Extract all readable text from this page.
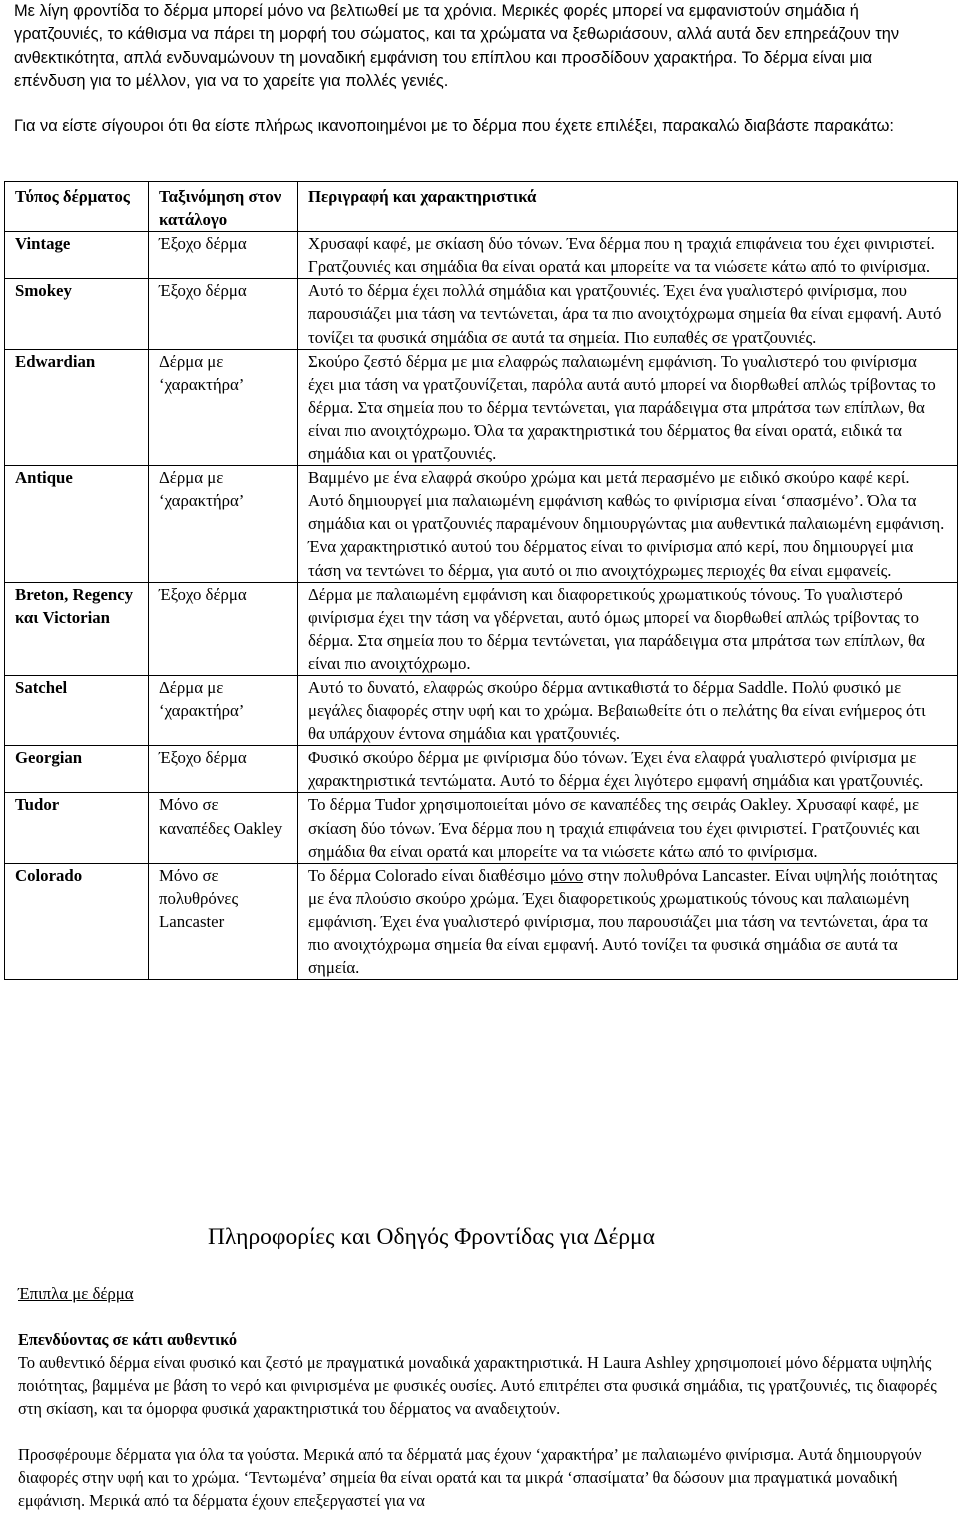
Με λίγη φροντίδα το δέρμα μπορεί μόνο να βελτιωθεί με τα χρόνια. Μερικές φορές μπορεί να εμφανιστούν σημάδια ή γρατζουνιές, το κάθισμα να πάρει τη μορφή του σώματος, και τα χρώματα να ξεθωριάσουν, αλλά αυτά δεν επηρεάζουν την ανθεκτικότητα, απλά ενδυναμώνουν τη μοναδική εμφάνιση του επίπλου και προσδίδουν χαρακτήρα. Το δέρμα είναι μια επένδυση για το μέλλον, για να το χαρείτε για πολλές γενιές.

Για να είστε σίγουροι ότι θα είστε πλήρως ικανοποιημένοι με το δέρμα που έχετε επιλέξει, παρακαλώ διαβάστε παρακάτω:

Τύπος δέρματος	Ταξινόμηση στον κατάλογο	Περιγραφή και χαρακτηριστικά
Vintage	Έξοχο δέρμα	Χρυσαφί καφέ, με σκίαση δύο τόνων. Ένα δέρμα που η τραχιά επιφάνεια του έχει φινιριστεί. Γρατζουνιές και σημάδια θα είναι ορατά και μπορείτε να τα νιώσετε κάτω από το φινίρισμα.
Smokey	Έξοχο δέρμα	Αυτό το δέρμα έχει πολλά σημάδια και γρατζουνιές. Έχει ένα γυαλιστερό φινίρισμα, που παρουσιάζει μια τάση να τεντώνεται, άρα τα πιο ανοιχτόχρωμα σημεία θα είναι εμφανή. Αυτό τονίζει τα φυσικά σημάδια σε αυτά τα σημεία. Πιο ευπαθές σε γρατζουνιές.
Edwardian	Δέρμα με ‘χαρακτήρα’	Σκούρο ζεστό δέρμα με μια ελαφρώς παλαιωμένη εμφάνιση. Το γυαλιστερό του φινίρισμα έχει μια τάση να γρατζουνίζεται, παρόλα αυτά αυτό μπορεί να διορθωθεί απλώς τρίβοντας το δέρμα. Στα σημεία που το δέρμα τεντώνεται, για παράδειγμα στα μπράτσα των επίπλων, θα είναι πιο ανοιχτόχρωμο. Όλα τα χαρακτηριστικά του δέρματος θα είναι ορατά, ειδικά τα σημάδια και οι γρατζουνιές.
Antique	Δέρμα με ‘χαρακτήρα’	Βαμμένο με ένα ελαφρά σκούρο χρώμα και μετά περασμένο με ειδικό σκούρο καφέ κερί. Αυτό δημιουργεί μια παλαιωμένη εμφάνιση καθώς το φινίρισμα είναι ‘σπασμένο’. Όλα τα σημάδια και οι γρατζουνιές παραμένουν δημιουργώντας μια αυθεντικά παλαιωμένη εμφάνιση. Ένα χαρακτηριστικό αυτού του δέρματος είναι το φινίρισμα από κερί, που δημιουργεί μια τάση να τεντώνει το δέρμα, για αυτό οι πιο ανοιχτόχρωμες περιοχές θα είναι εμφανείς.
Breton, Regency και Victorian	Έξοχο δέρμα	Δέρμα με παλαιωμένη εμφάνιση και διαφορετικούς χρωματικούς τόνους. Το γυαλιστερό φινίρισμα έχει την τάση να γδέρνεται, αυτό όμως μπορεί να διορθωθεί απλώς τρίβοντας το δέρμα. Στα σημεία που το δέρμα τεντώνεται, για παράδειγμα στα μπράτσα των επίπλων, θα είναι πιο ανοιχτόχρωμο.
Satchel	Δέρμα με ‘χαρακτήρα’	Αυτό το δυνατό, ελαφρώς σκούρο δέρμα αντικαθιστά το δέρμα Saddle. Πολύ φυσικό με μεγάλες διαφορές στην υφή και το χρώμα. Βεβαιωθείτε ότι ο πελάτης θα είναι ενήμερος ότι θα υπάρχουν έντονα σημάδια και γρατζουνιές.
Georgian	Έξοχο δέρμα	Φυσικό σκούρο δέρμα με φινίρισμα δύο τόνων. Έχει ένα ελαφρά γυαλιστερό φινίρισμα με χαρακτηριστικά τεντώματα. Αυτό το δέρμα έχει λιγότερο εμφανή σημάδια και γρατζουνιές.
Tudor	Μόνο σε καναπέδες Oakley	Το δέρμα Tudor χρησιμοποιείται μόνο σε καναπέδες της σειράς Oakley. Χρυσαφί καφέ, με σκίαση δύο τόνων. Ένα δέρμα που η τραχιά επιφάνεια του έχει φινιριστεί. Γρατζουνιές και σημάδια θα είναι ορατά και μπορείτε να τα νιώσετε κάτω από το φινίρισμα.
Colorado	Μόνο σε πολυθρόνες Lancaster	Το δέρμα Colorado είναι διαθέσιμο μόνο στην πολυθρόνα Lancaster. Είναι υψηλής ποιότητας με ένα πλούσιο σκούρο χρώμα. Έχει διαφορετικούς χρωματικούς τόνους και παλαιωμένη εμφάνιση. Έχει ένα γυαλιστερό φινίρισμα, που παρουσιάζει μια τάση να τεντώνεται, άρα τα πιο ανοιχτόχρωμα σημεία θα είναι εμφανή. Αυτό τονίζει τα φυσικά σημάδια σε αυτά τα σημεία.
Πληροφορίες και Οδηγός Φροντίδας για Δέρμα

Έπιπλα με δέρμα

Επενδύοντας σε κάτι αυθεντικό

Το αυθεντικό δέρμα είναι φυσικό και ζεστό με πραγματικά μοναδικά χαρακτηριστικά. Η Laura Ashley χρησιμοποιεί μόνο δέρματα υψηλής ποιότητας, βαμμένα με βάση το νερό και φινιρισμένα με φυσικές ουσίες. Αυτό επιτρέπει στα φυσικά σημάδια, τις γρατζουνιές, τις διαφορές στη σκίαση, και τα όμορφα φυσικά χαρακτηριστικά του δέρματος να αναδειχτούν.

Προσφέρουμε δέρματα για όλα τα γούστα. Μερικά από τα δέρματά μας έχουν ‘χαρακτήρα’ με παλαιωμένο φινίρισμα. Αυτά δημιουργούν διαφορές στην υφή και το χρώμα. ‘Τεντωμένα’ σημεία θα είναι ορατά και τα μικρά ‘σπασίματα’ θα δώσουν μια πραγματικά μοναδική εμφάνιση. Μερικά από τα δέρματα έχουν επεξεργαστεί για να
